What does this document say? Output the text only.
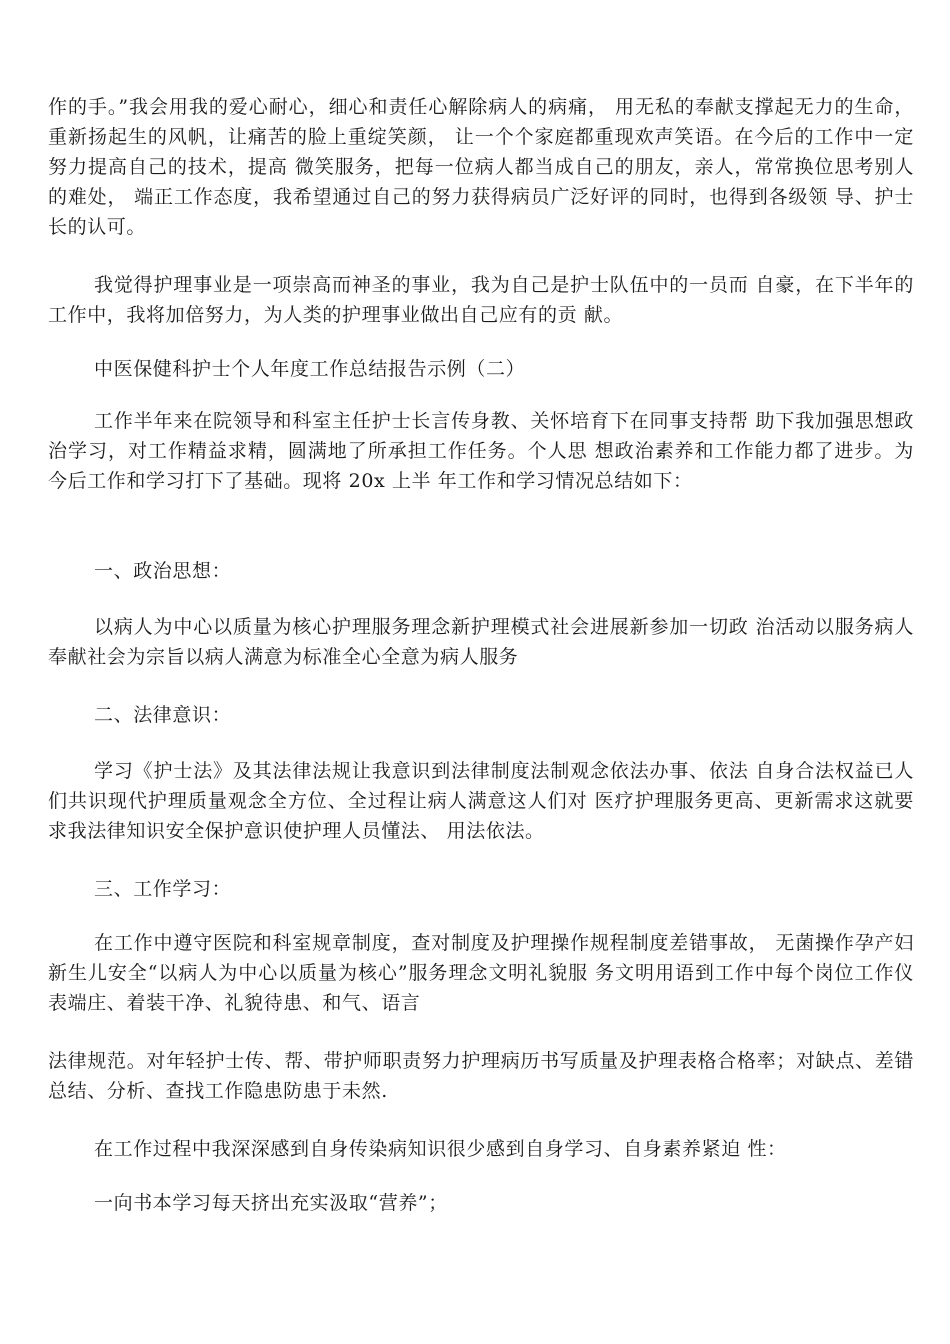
作的手。”我会用我的爱心耐心，细心和责任心解除病人的病痛， 用无私的奉献支撑起无力的生命，重新扬起生的风帆，让痛苦的脸上重绽笑颜， 让一个个家庭都重现欢声笑语。在今后的工作中一定努力提高自己的技术，提高 微笑服务，把每一位病人都当成自己的朋友，亲人，常常换位思考别人的难处， 端正工作态度，我希望通过自己的努力获得病员广泛好评的同时，也得到各级领 导、护士长的认可。

我觉得护理事业是一项崇高而神圣的事业，我为自己是护士队伍中的一员而 自豪，在下半年的工作中，我将加倍努力，为人类的护理事业做出自己应有的贡 献。

中医保健科护士个人年度工作总结报告示例（二）

工作半年来在院领导和科室主任护士长言传身教、关怀培育下在同事支持帮 助下我加强思想政治学习，对工作精益求精，圆满地了所承担工作任务。个人思 想政治素养和工作能力都了进步。为今后工作和学习打下了基础。现将 20x 上半 年工作和学习情况总结如下：

一、政治思想：

以病人为中心以质量为核心护理服务理念新护理模式社会进展新参加一切政 治活动以服务病人奉献社会为宗旨以病人满意为标准全心全意为病人服务

二、法律意识：

学习《护士法》及其法律法规让我意识到法律制度法制观念依法办事、依法 自身合法权益已人们共识现代护理质量观念全方位、全过程让病人满意这人们对 医疗护理服务更高、更新需求这就要求我法律知识安全保护意识使护理人员懂法、 用法依法。

三、工作学习：

在工作中遵守医院和科室规章制度，查对制度及护理操作规程制度差错事故， 无菌操作孕产妇新生儿安全“以病人为中心以质量为核心”服务理念文明礼貌服 务文明用语到工作中每个岗位工作仪表端庄、着装干净、礼貌待患、和气、语言

法律规范。对年轻护士传、帮、带护师职责努力护理病历书写质量及护理表格合格率；对缺点、差错总结、分析、查找工作隐患防患于未然.

在工作过程中我深深感到自身传染病知识很少感到自身学习、自身素养紧迫 性：

一向书本学习每天挤出充实汲取“营养”；
